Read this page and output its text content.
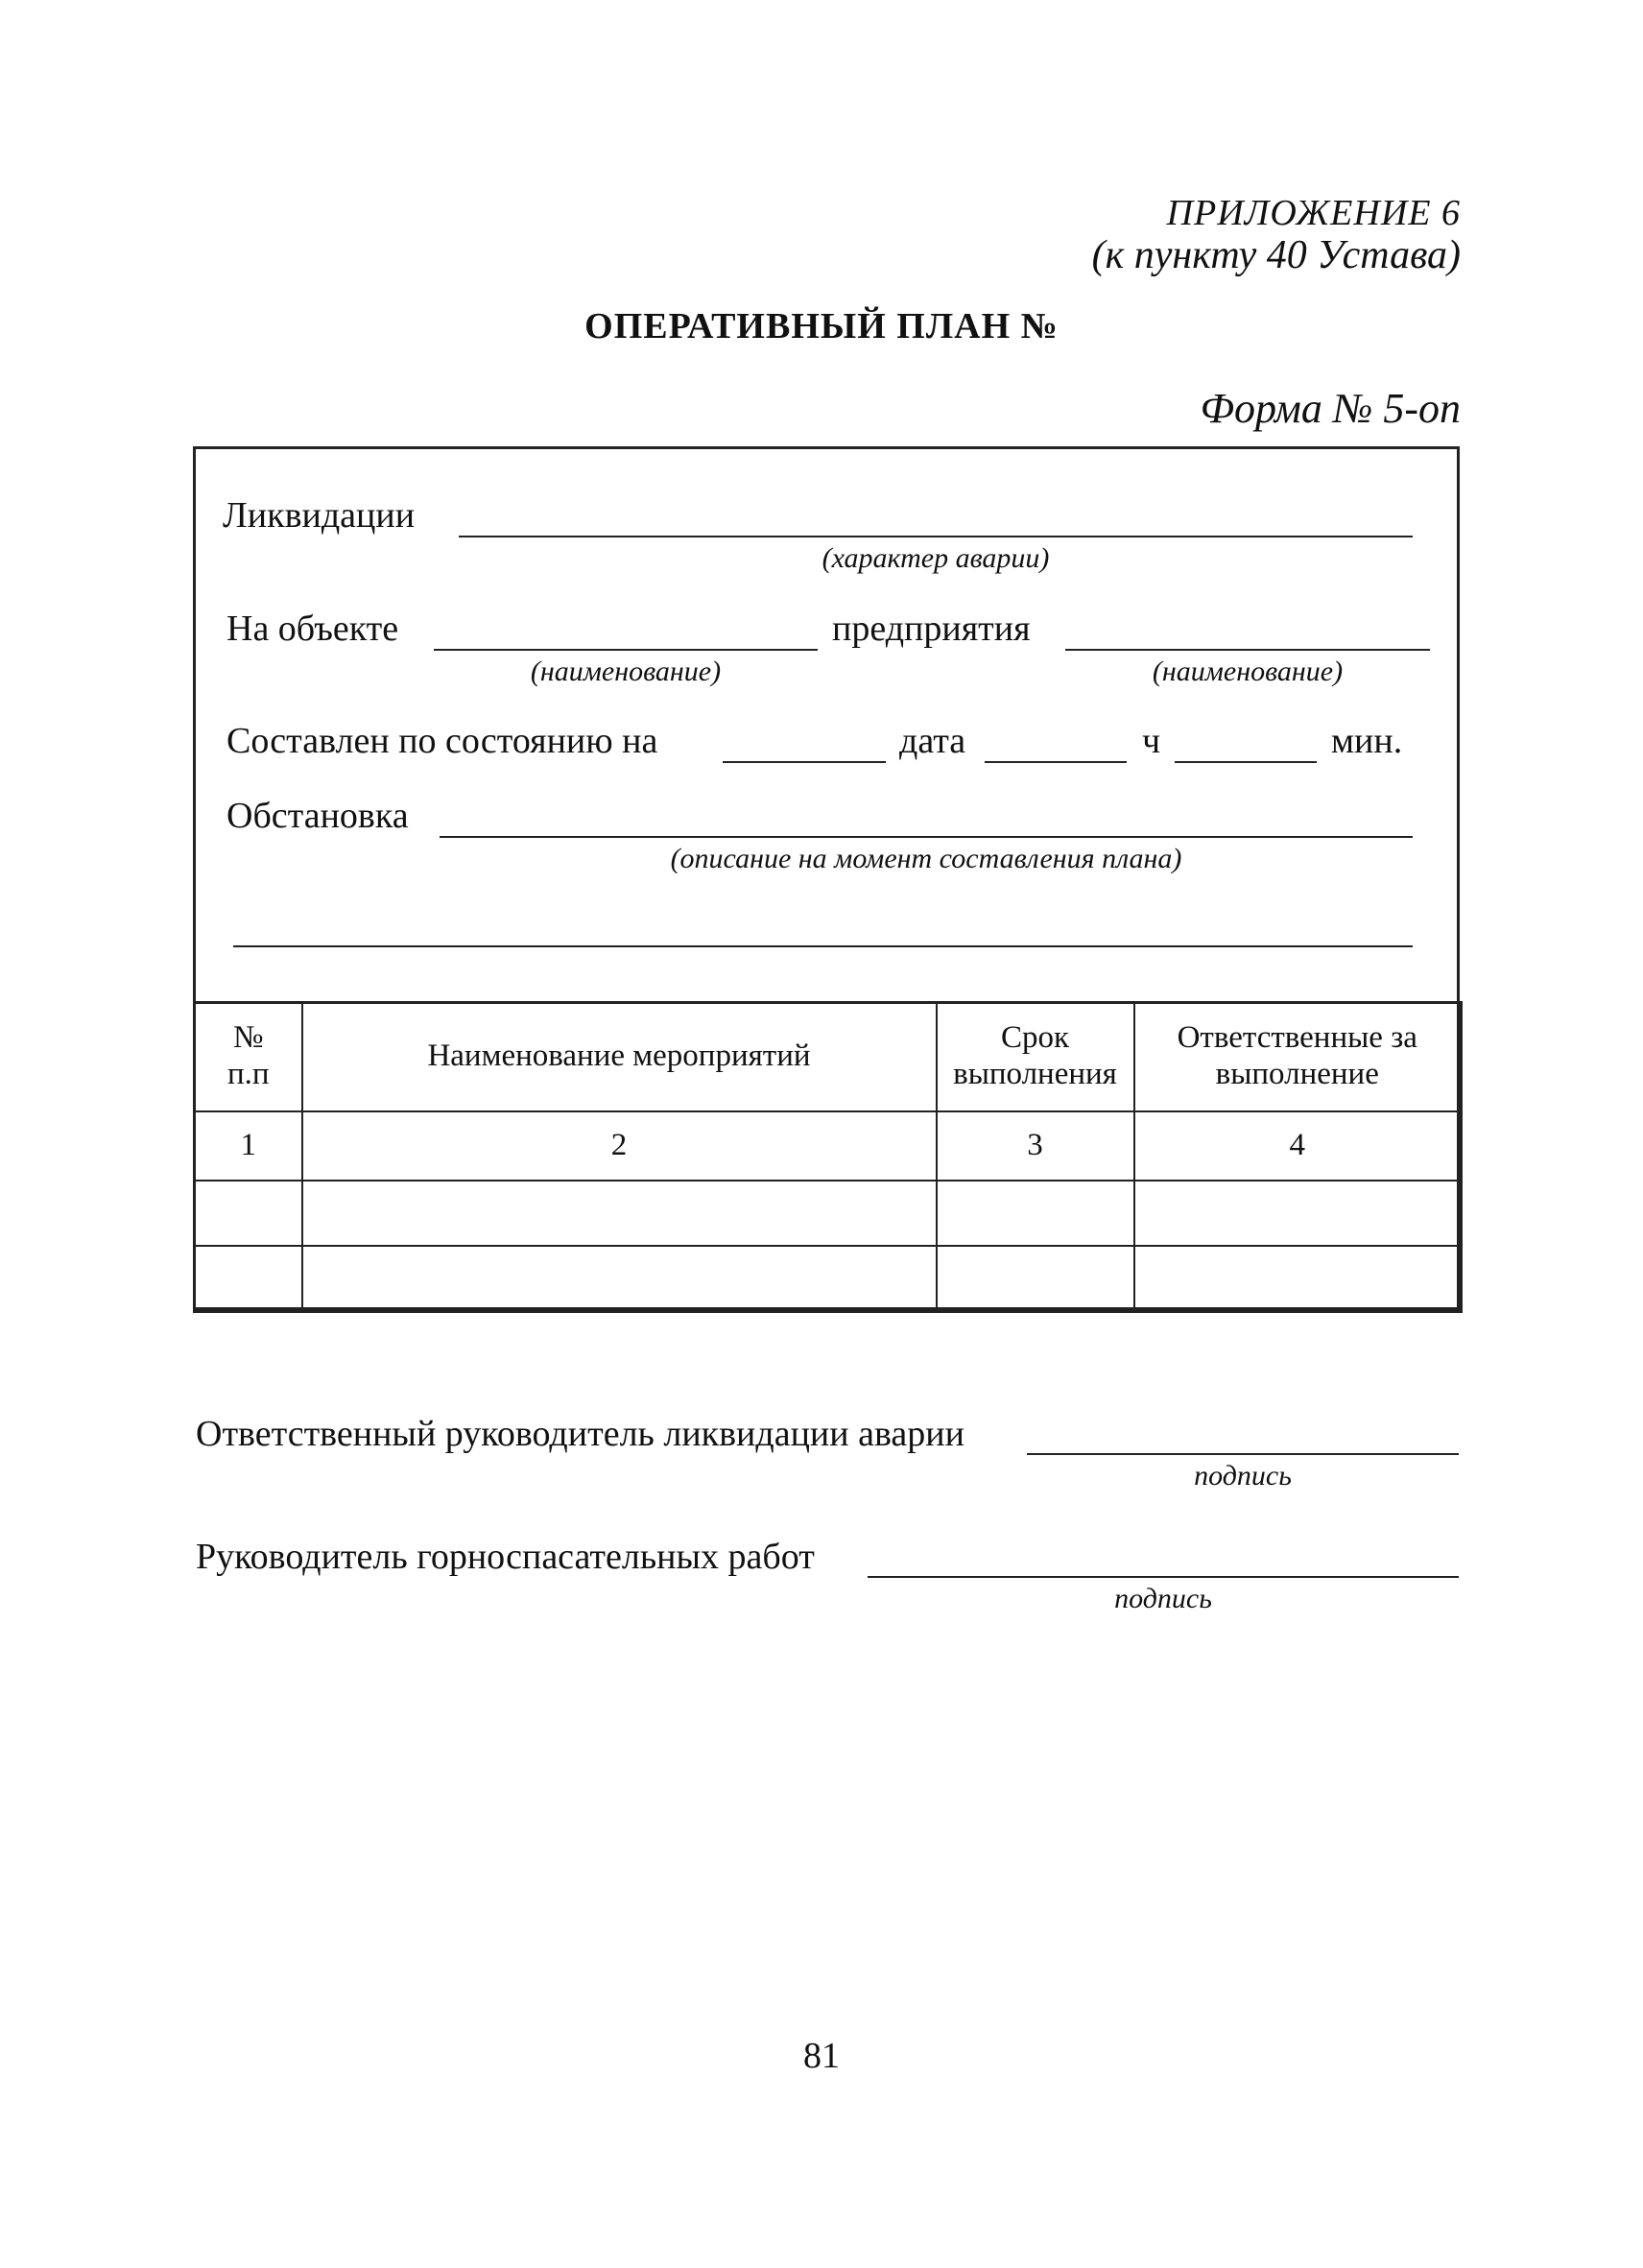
ПРИЛОЖЕНИЕ 6
(к пункту 40 Устава)
ОПЕРАТИВНЫЙ ПЛАН №
Форма № 5-оп
Ликвидации
(характер аварии)
На объекте
(наименование)
предприятия
(наименование)
Составлен по состоянию на	дата	ч	мин.
Обстановка
(описание на момент составления плана)
№ п.п	Наименование мероприятий	Срок выполнения	Ответственные за выполнение
1	2	3	4

Ответственный руководитель ликвидации аварии
подпись
Руководитель горноспасательных работ
подпись
81
